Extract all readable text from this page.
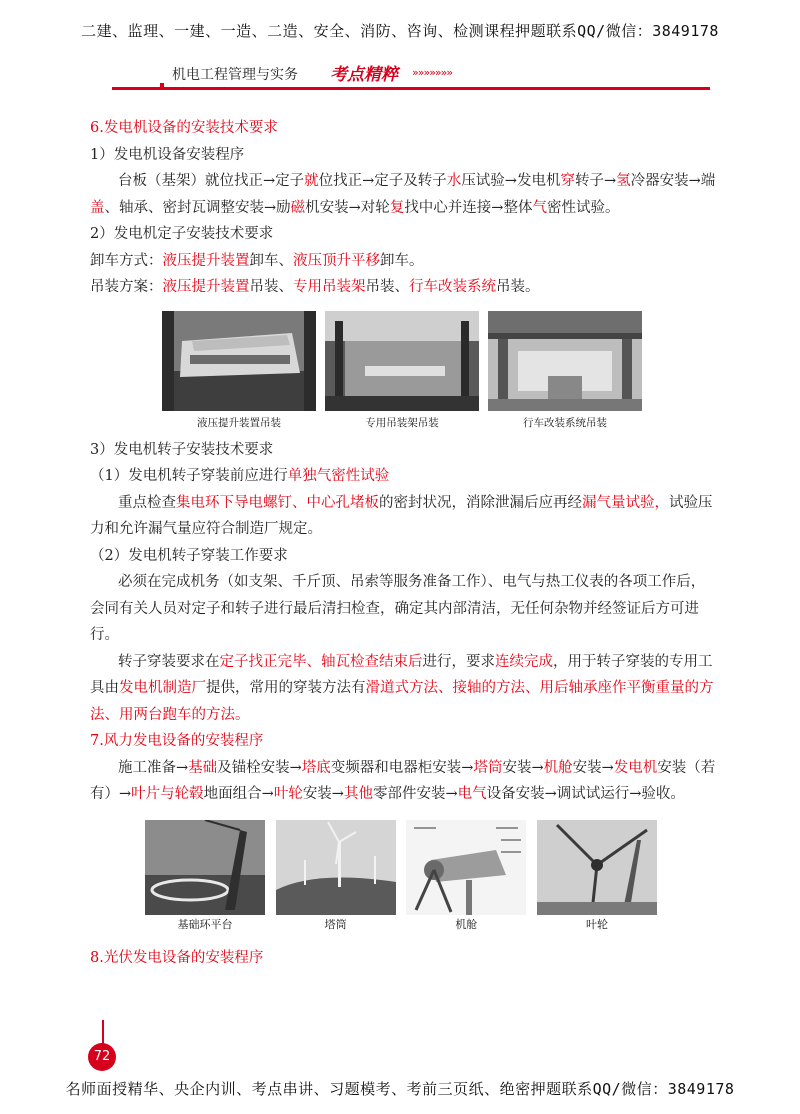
二建、监理、一建、一造、二造、安全、消防、咨询、检测课程押题联系QQ/微信：3849178
机电工程管理与实务 考点精粹 »»»»»»»

6.发电机设备的安装技术要求

1）发电机设备安装程序

台板（基架）就位找正→定子就位找正→定子及转子水压试验→发电机穿转子→氢冷器安装→端盖、轴承、密封瓦调整安装→励磁机安装→对轮复找中心并连接→整体气密性试验。

2）发电机定子安装技术要求

卸车方式：液压提升装置卸车、液压顶升平移卸车。

吊装方案：液压提升装置吊装、专用吊装架吊装、行车改装系统吊装。

液压提升装置吊装	专用吊装架吊装	行车改装系统吊装

3）发电机转子安装技术要求

（1）发电机转子穿装前应进行单独气密性试验

重点检查集电环下导电螺钉、中心孔堵板的密封状况，消除泄漏后应再经漏气量试验，试验压力和允许漏气量应符合制造厂规定。

（2）发电机转子穿装工作要求

必须在完成机务（如支架、千斤顶、吊索等服务准备工作）、电气与热工仪表的各项工作后，会同有关人员对定子和转子进行最后清扫检查，确定其内部清洁，无任何杂物并经签证后方可进行。

转子穿装要求在定子找正完毕、轴瓦检查结束后进行，要求连续完成，用于转子穿装的专用工具由发电机制造厂提供，常用的穿装方法有滑道式方法、接轴的方法、用后轴承座作平衡重量的方法、用两台跑车的方法。

7.风力发电设备的安装程序

施工准备→基础及锚栓安装→塔底变频器和电器柜安装→塔筒安装→机舱安装→发电机安装（若有）→叶片与轮毂地面组合→叶轮安装→其他零部件安装→电气设备安装→调试试运行→验收。

基础环平台	塔筒	机舱	叶轮

8.光伏发电设备的安装程序

72
名师面授精华、央企内训、考点串讲、习题模考、考前三页纸、绝密押题联系QQ/微信：3849178
